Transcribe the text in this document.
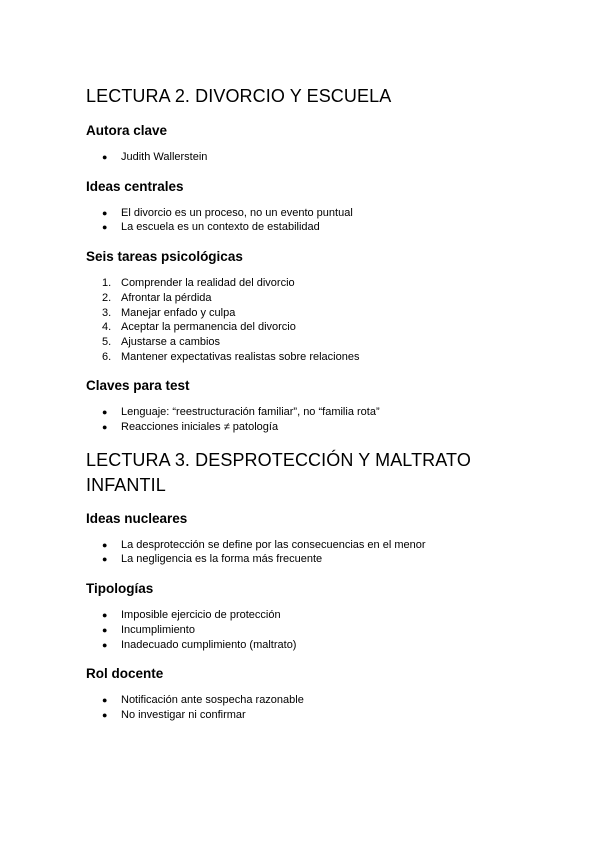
LECTURA 2. DIVORCIO Y ESCUELA
Autora clave
● Judith Wallerstein
Ideas centrales
● El divorcio es un proceso, no un evento puntual
● La escuela es un contexto de estabilidad
Seis tareas psicológicas
1. Comprender la realidad del divorcio
2. Afrontar la pérdida
3. Manejar enfado y culpa
4. Aceptar la permanencia del divorcio
5. Ajustarse a cambios
6. Mantener expectativas realistas sobre relaciones
Claves para test
● Lenguaje: “reestructuración familiar”, no “familia rota”
● Reacciones iniciales ≠ patología
LECTURA 3. DESPROTECCIÓN Y MALTRATO
INFANTIL
Ideas nucleares
● La desprotección se define por las consecuencias en el menor
● La negligencia es la forma más frecuente
Tipologías
● Imposible ejercicio de protección
● Incumplimiento
● Inadecuado cumplimiento (maltrato)
Rol docente
● Notificación ante sospecha razonable
● No investigar ni confirmar
